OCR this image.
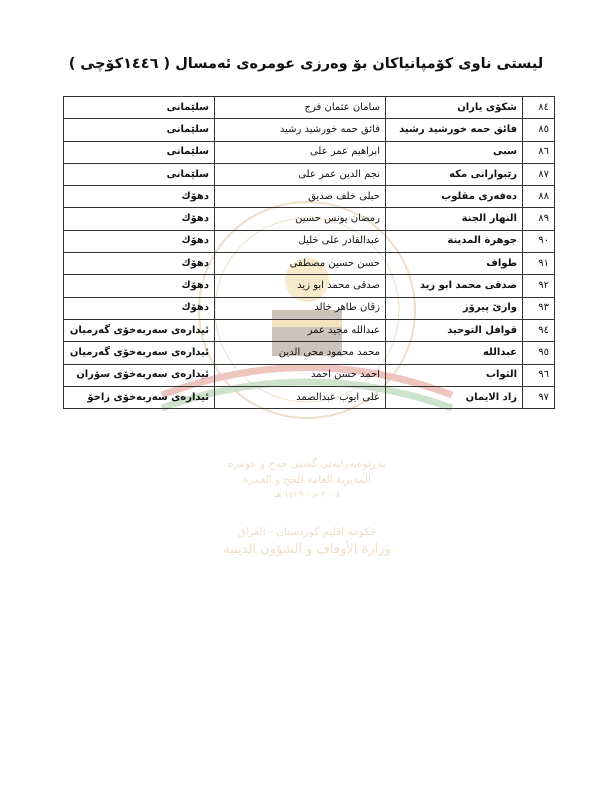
بەڕێوەبەرایەتی گشتی حەج و عومرە
المديرية العامة للحج و العمرة
٢٠٠٨ م - ١٤٢٩ هـ
حكومة اقليم كوردستان - العراق
وزارة الأوقاف و الشؤون الدينية
ليستى ناوى كۆمپانياكان بۆ وەرزى عومرەى ئەمسال ( ١٤٤٦كۆچى )
٨٤	شكۆی یاران	سامان عثمان فرج	سلێمانی
٨٥	فائق حمه خورشید رشید	فائق حمه خورشید رشید	سلێمانی
٨٦	سبی	ابراهیم عمر علی	سلێمانی
٨٧	رێبوارانی مكه	نجم الدین عمر علی	سلێمانی
٨٨	دەفەری مقلوب	حبلی خلف صدیق	دهۆك
٨٩	النهار الجنة	رمضان یونس حسین	دهۆك
٩٠	جوهرة المدینة	عبدالقادر علی خلیل	دهۆك
٩١	طواف	حسن حسین مصطفی	دهۆك
٩٢	صدقی محمد ابو زید	صدقی محمد ابو زید	دهۆك
٩٣	وارێ پیرۆز	زڤان طاهر خالد	دهۆك
٩٤	قوافل التوحید	عبدالله مجید عمر	ئیدارەی سەربەخۆی گەرمیان
٩٥	عبدالله	محمد محمود محی الدین	ئیدارەی سەربەخۆی گەرمیان
٩٦	الثواب	احمد حسن احمد	ئیدارەی سەربەخۆی سۆران
٩٧	زاد الایمان	علی ایوب عبدالصمد	ئیدارەی سەربەخۆی زاخۆ
